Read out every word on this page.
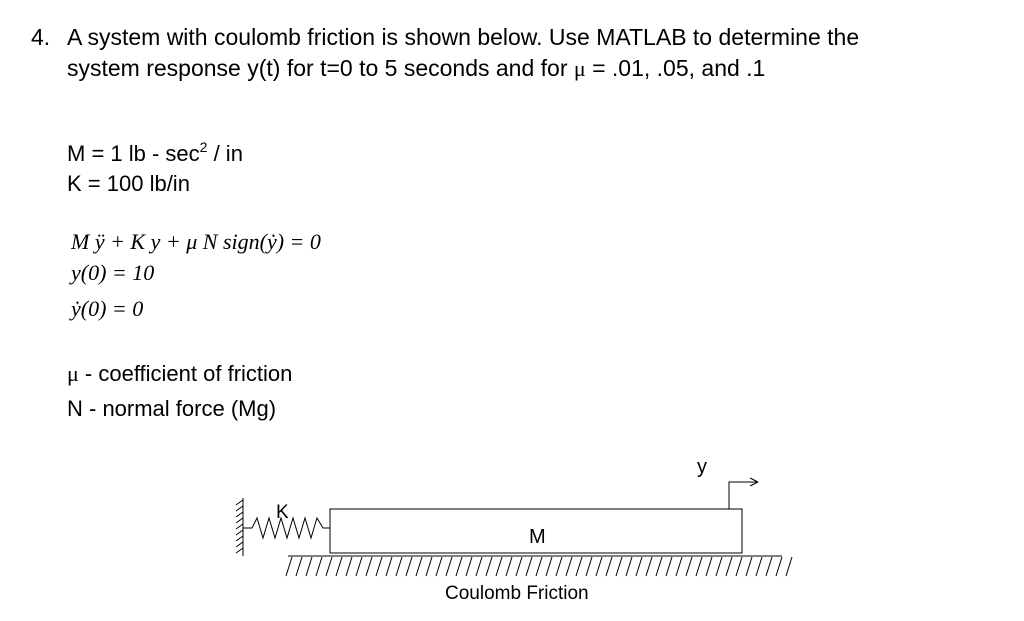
4. A system with coulomb friction is shown below. Use MATLAB to determine the
system response y(t) for t=0 to 5 seconds and for μ = .01, .05, and .1
M = 1 lb - $\sec^2$ / in
K = 100 lb/in
M ÿ + K y + μ N sign(ẏ) = 0
y(0) = 10
ẏ(0) = 0
μ - coefficient of friction
N - normal force (Mg)
K
M
Coulomb Friction
y
